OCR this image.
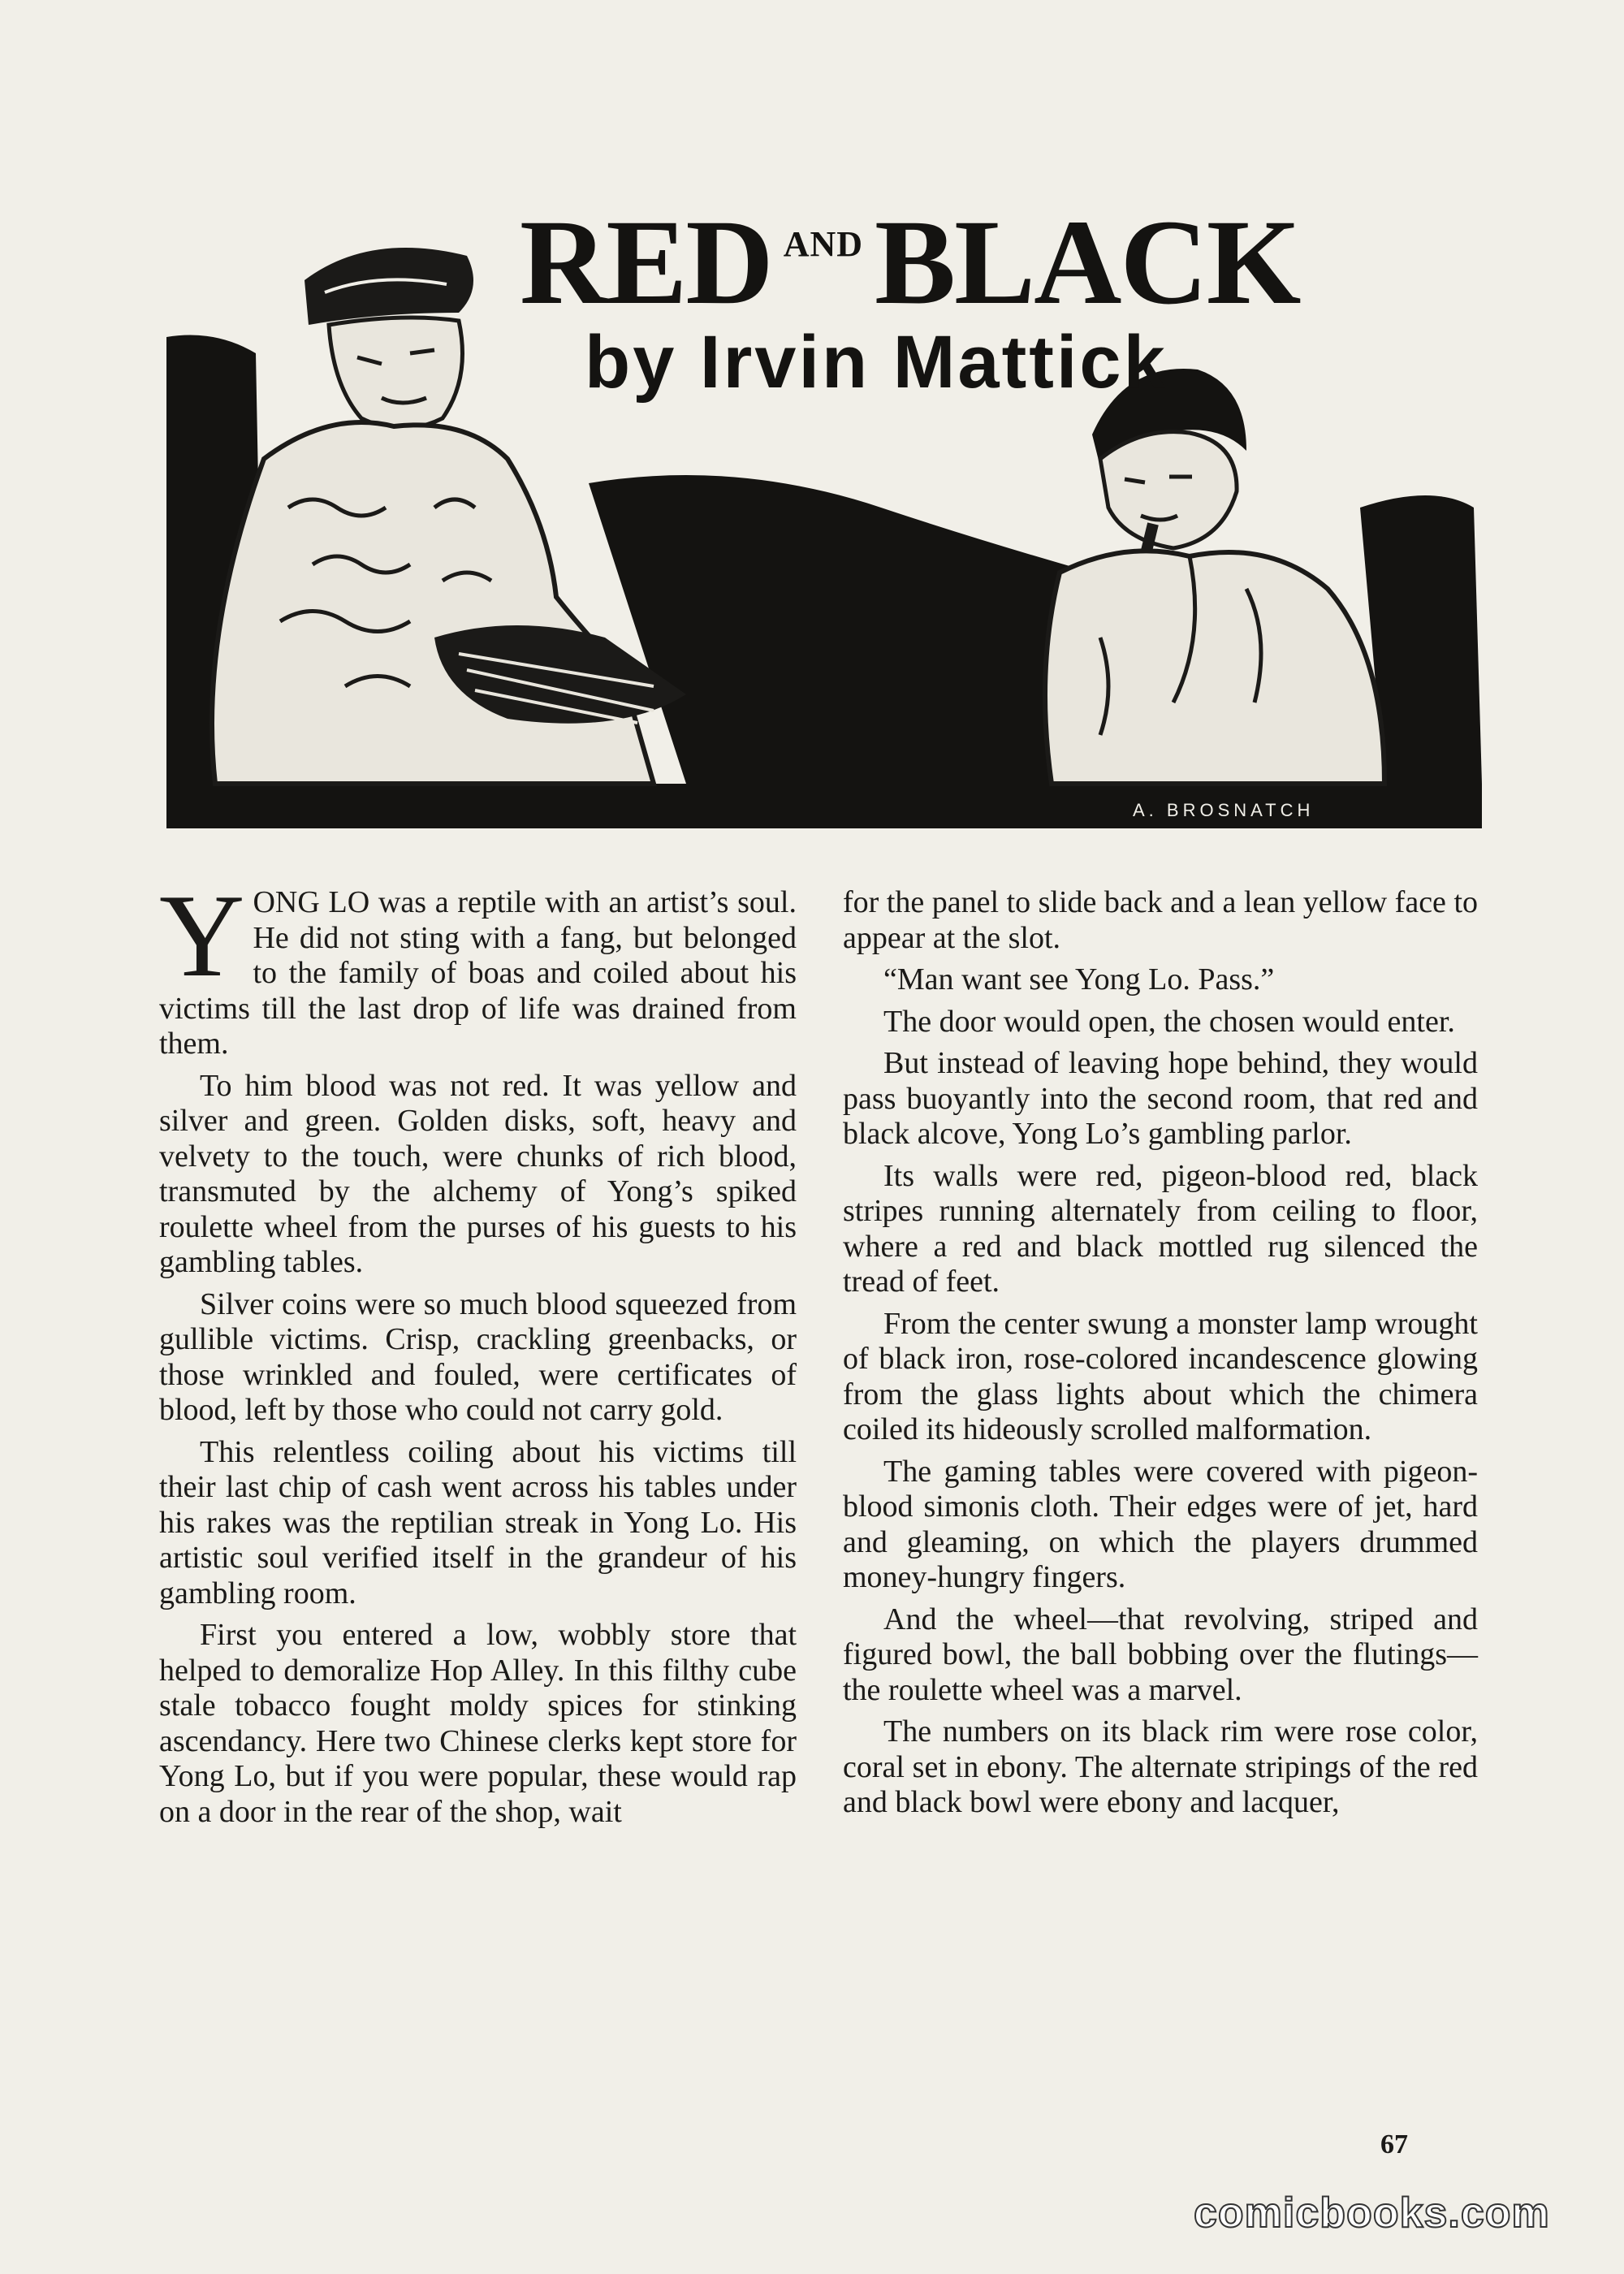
RED $^{AND}$BLACK
by Irvin Mattick
A. BROSNATCH

YONG LO was a reptile with an artist’s soul. He did not sting with a fang, but belonged to the family of boas and coiled about his victims till the last drop of life was drained from them.

To him blood was not red. It was yellow and silver and green. Golden disks, soft, heavy and velvety to the touch, were chunks of rich blood, transmuted by the alchemy of Yong’s spiked roulette wheel from the purses of his guests to his gambling tables.

Silver coins were so much blood squeezed from gullible victims. Crisp, crackling greenbacks, or those wrinkled and fouled, were certificates of blood, left by those who could not carry gold.

This relentless coiling about his victims till their last chip of cash went across his tables under his rakes was the reptilian streak in Yong Lo. His artistic soul verified itself in the grandeur of his gambling room.

First you entered a low, wobbly store that helped to demoralize Hop Alley. In this filthy cube stale tobacco fought moldy spices for stinking ascendancy. Here two Chinese clerks kept store for Yong Lo, but if you were popular, these would rap on a door in the rear of the shop, wait

for the panel to slide back and a lean yellow face to appear at the slot.

“Man want see Yong Lo. Pass.”

The door would open, the chosen would enter.

But instead of leaving hope behind, they would pass buoyantly into the second room, that red and black alcove, Yong Lo’s gambling parlor.

Its walls were red, pigeon-blood red, black stripes running alternately from ceiling to floor, where a red and black mottled rug silenced the tread of feet.

From the center swung a monster lamp wrought of black iron, rose-colored incandescence glowing from the glass lights about which the chimera coiled its hideously scrolled malformation.

The gaming tables were covered with pigeon-blood simonis cloth. Their edges were of jet, hard and gleaming, on which the players drummed money-hungry fingers.

And the wheel—that revolving, striped and figured bowl, the ball bobbing over the flutings—the roulette wheel was a marvel.

The numbers on its black rim were rose color, coral set in ebony. The alternate stripings of the red and black bowl were ebony and lacquer,

67
comicbooks.com
